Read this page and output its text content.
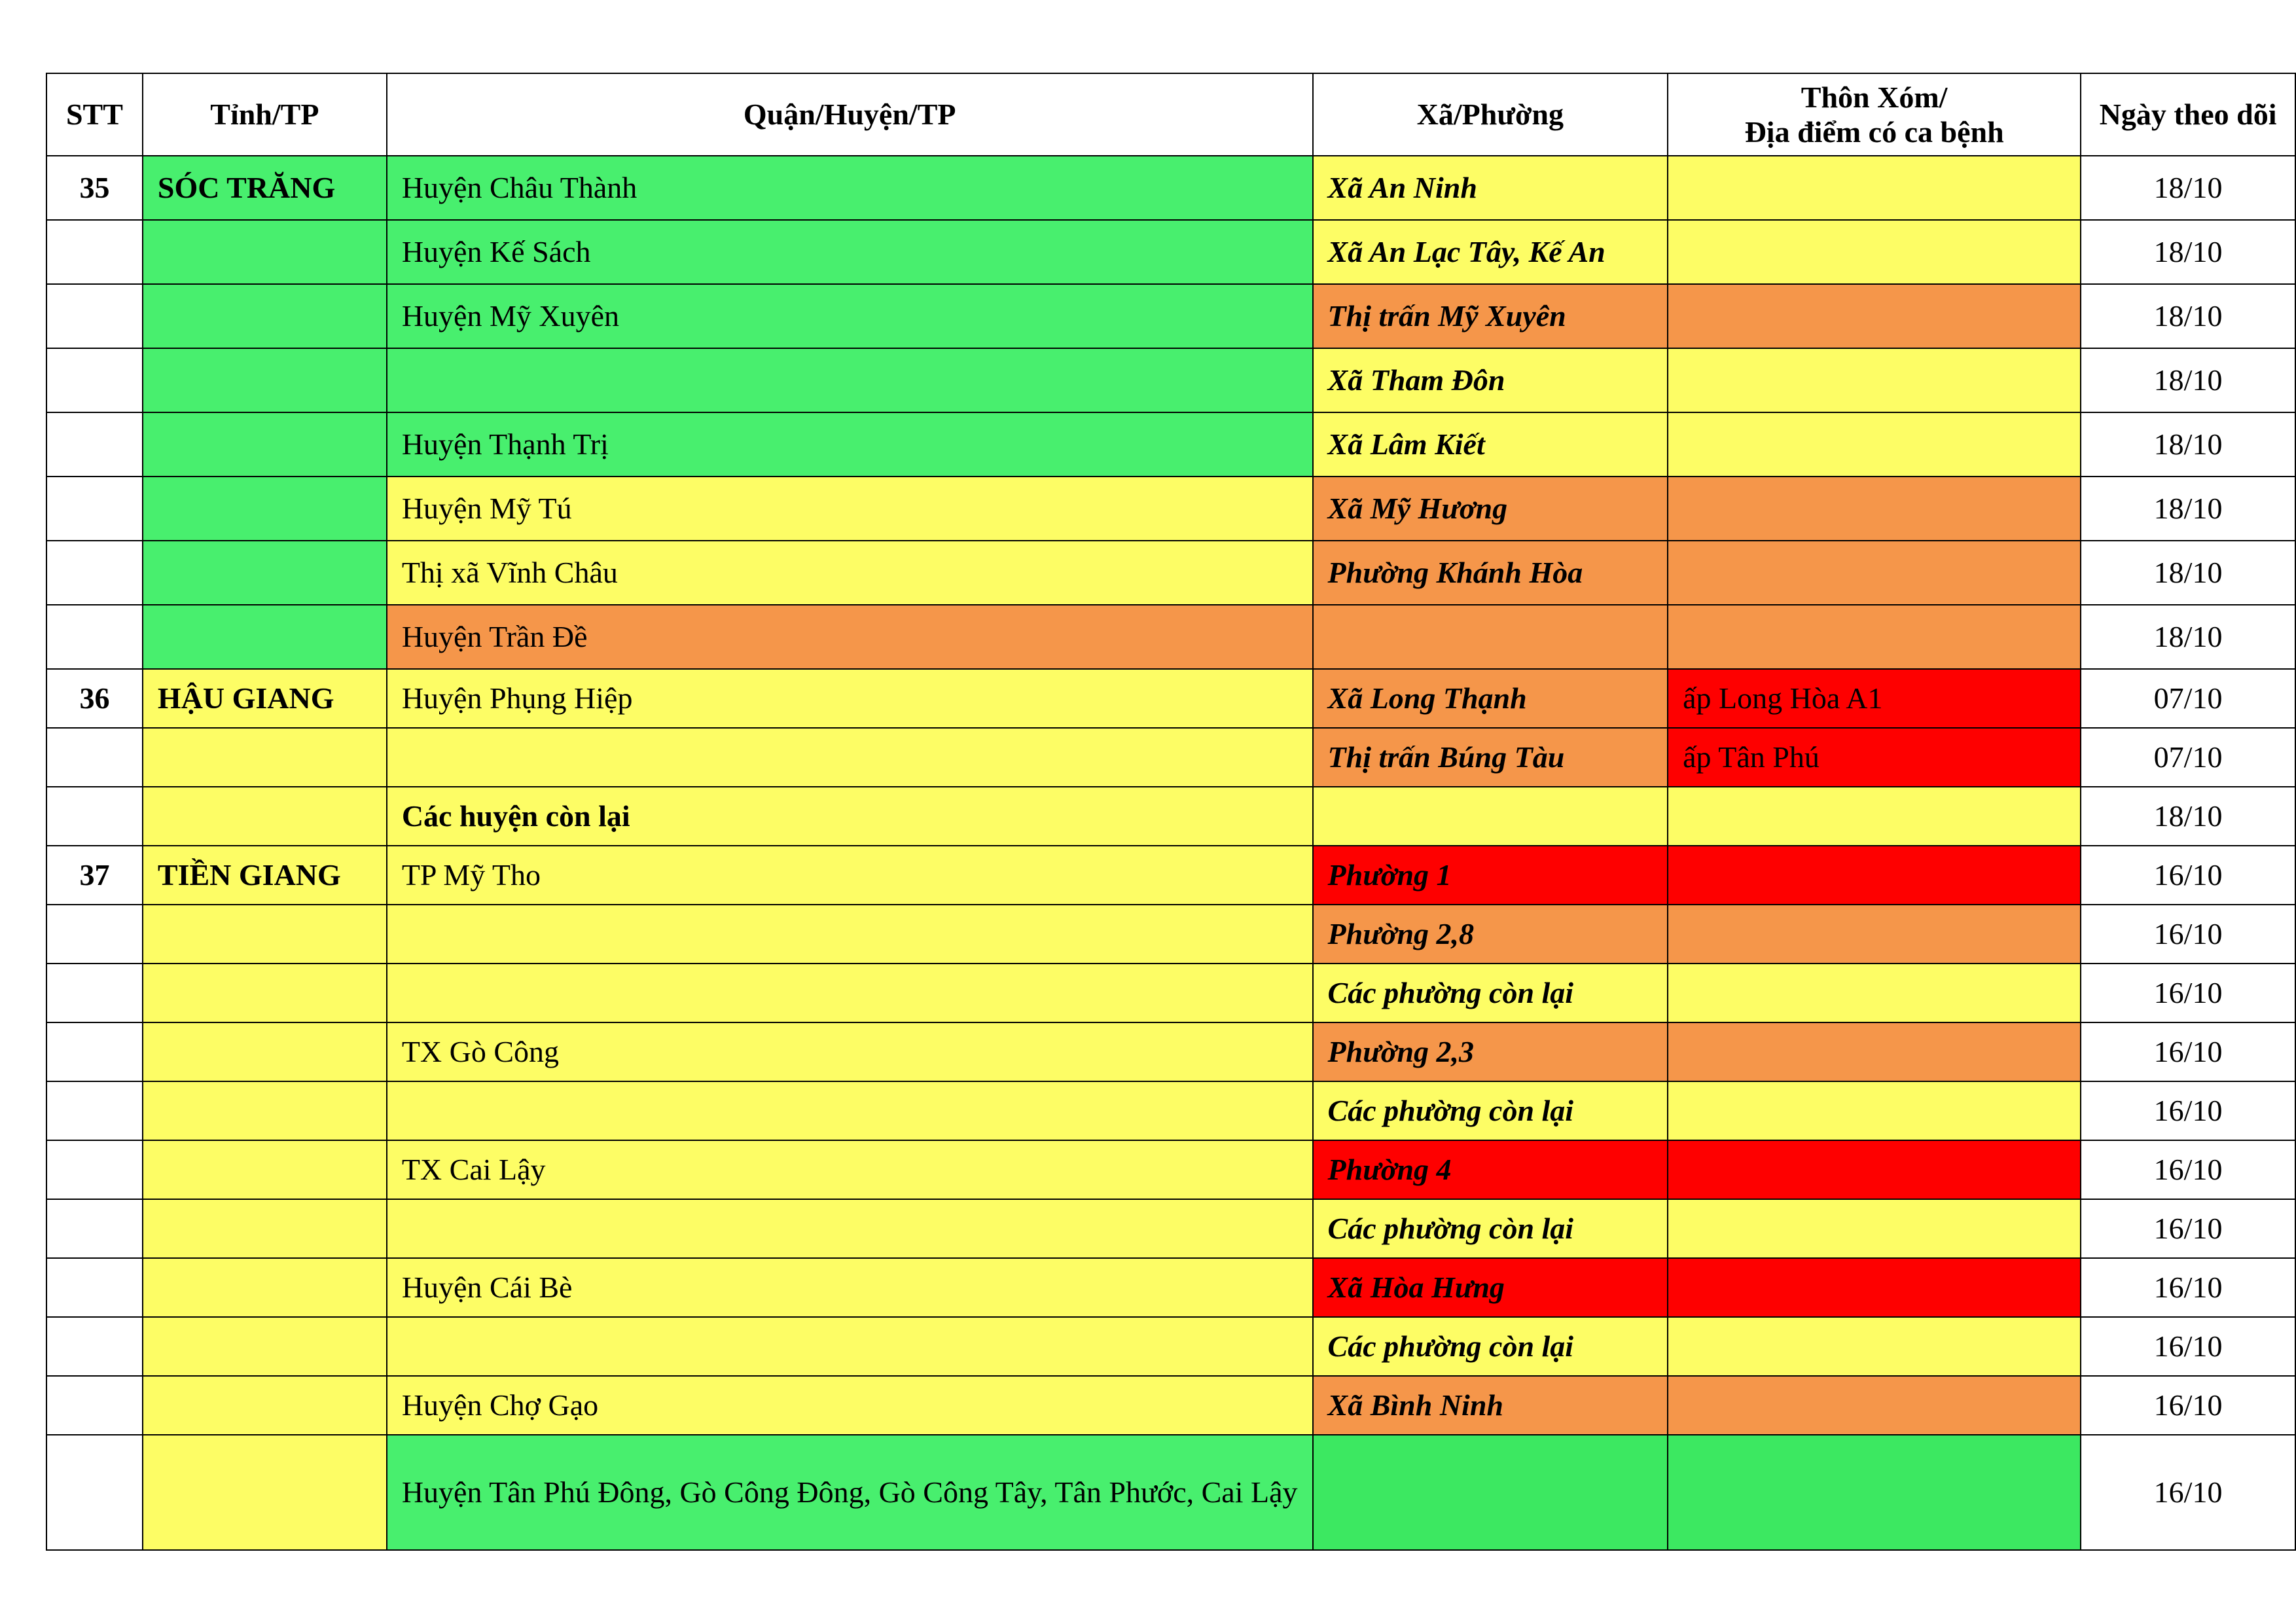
STT	Tỉnh/TP	Quận/Huyện/TP	Xã/Phường	Thôn Xóm/
Địa điểm có ca bệnh	Ngày theo dõi
35	SÓC TRĂNG	Huyện Châu Thành	Xã An Ninh		18/10
		Huyện Kế Sách	Xã An Lạc Tây, Kế An		18/10
		Huyện Mỹ Xuyên	Thị trấn Mỹ Xuyên		18/10
			Xã Tham Đôn		18/10
		Huyện Thạnh Trị	Xã Lâm Kiết		18/10
		Huyện Mỹ Tú	Xã Mỹ Hương		18/10
		Thị xã Vĩnh Châu	Phường Khánh Hòa		18/10
		Huyện Trần Đề			18/10
36	HẬU GIANG	Huyện Phụng Hiệp	Xã Long Thạnh	ấp Long Hòa A1	07/10
			Thị trấn Búng Tàu	ấp Tân Phú	07/10
		Các huyện còn lại			18/10
37	TIỀN GIANG	TP Mỹ Tho	Phường 1		16/10
			Phường 2,8		16/10
			Các phường còn lại		16/10
		TX Gò Công	Phường 2,3		16/10
			Các phường còn lại		16/10
		TX Cai Lậy	Phường 4		16/10
			Các phường còn lại		16/10
		Huyện Cái Bè	Xã Hòa Hưng		16/10
			Các phường còn lại		16/10
		Huyện Chợ Gạo	Xã Bình Ninh		16/10
		Huyện Tân Phú Đông, Gò Công Đông, Gò Công Tây, Tân Phước, Cai Lậy			16/10
